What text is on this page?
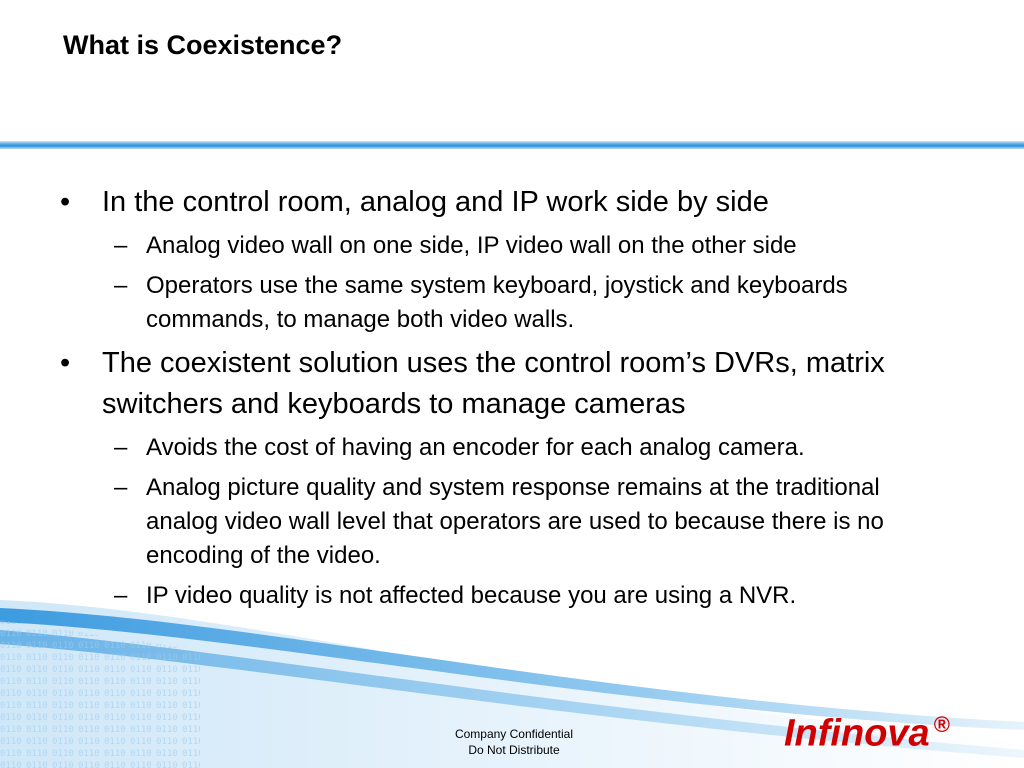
What is Coexistence?
• In the control room, analog and IP work side by side
– Analog video wall on one side, IP video wall on the other side
– Operators use the same system keyboard, joystick and keyboards commands, to manage both video walls.
• The coexistent solution uses the control room’s DVRs, matrix switchers and keyboards to manage cameras
– Avoids the cost of having an encoder for each analog camera.
– Analog picture quality and system response remains at the traditional analog video wall level that operators are used to because there is no encoding of the video.
– IP video quality is not affected because you are using a NVR.
Company Confidential
Do Not Distribute	Infinova ®
